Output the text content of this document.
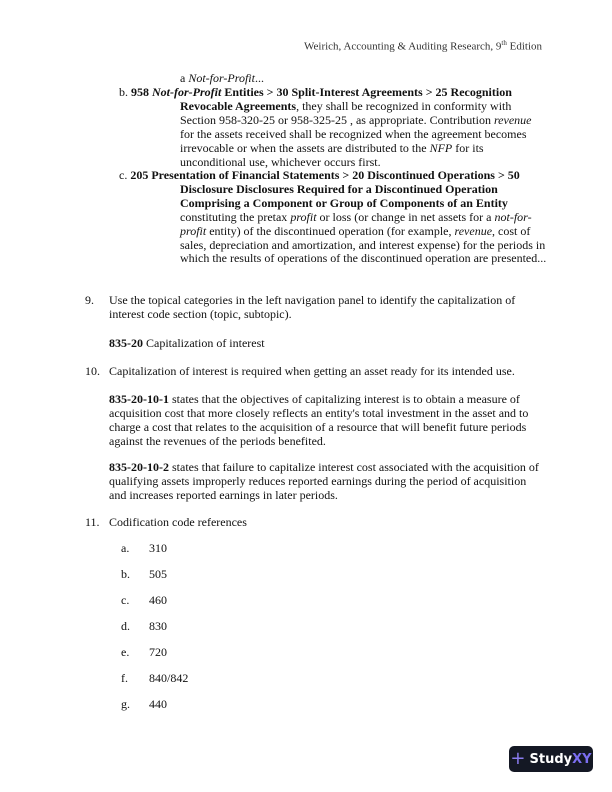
Weirich, Accounting & Auditing Research, 9th Edition
a Not-for-Profit...
b. 958 Not-for-Profit Entities > 30 Split-Interest Agreements > 25 Recognition Revocable Agreements, they shall be recognized in conformity with Section 958-320-25 or 958-325-25 , as appropriate. Contribution revenue for the assets received shall be recognized when the agreement becomes irrevocable or when the assets are distributed to the NFP for its unconditional use, whichever occurs first.
c. 205 Presentation of Financial Statements > 20 Discontinued Operations > 50 Disclosure Disclosures Required for a Discontinued Operation Comprising a Component or Group of Components of an Entity constituting the pretax profit or loss (or change in net assets for a not-for-profit entity) of the discontinued operation (for example, revenue, cost of sales, depreciation and amortization, and interest expense) for the periods in which the results of operations of the discontinued operation are presented...
9. Use the topical categories in the left navigation panel to identify the capitalization of interest code section (topic, subtopic).
835-20 Capitalization of interest
10. Capitalization of interest is required when getting an asset ready for its intended use.
835-20-10-1 states that the objectives of capitalizing interest is to obtain a measure of acquisition cost that more closely reflects an entity's total investment in the asset and to charge a cost that relates to the acquisition of a resource that will benefit future periods against the revenues of the periods benefited.
835-20-10-2 states that failure to capitalize interest cost associated with the acquisition of qualifying assets improperly reduces reported earnings during the period of acquisition and increases reported earnings in later periods.
11. Codification code references
a. 310
b. 505
c. 460
d. 830
e. 720
f. 840/842
g. 440
+ Study XY
